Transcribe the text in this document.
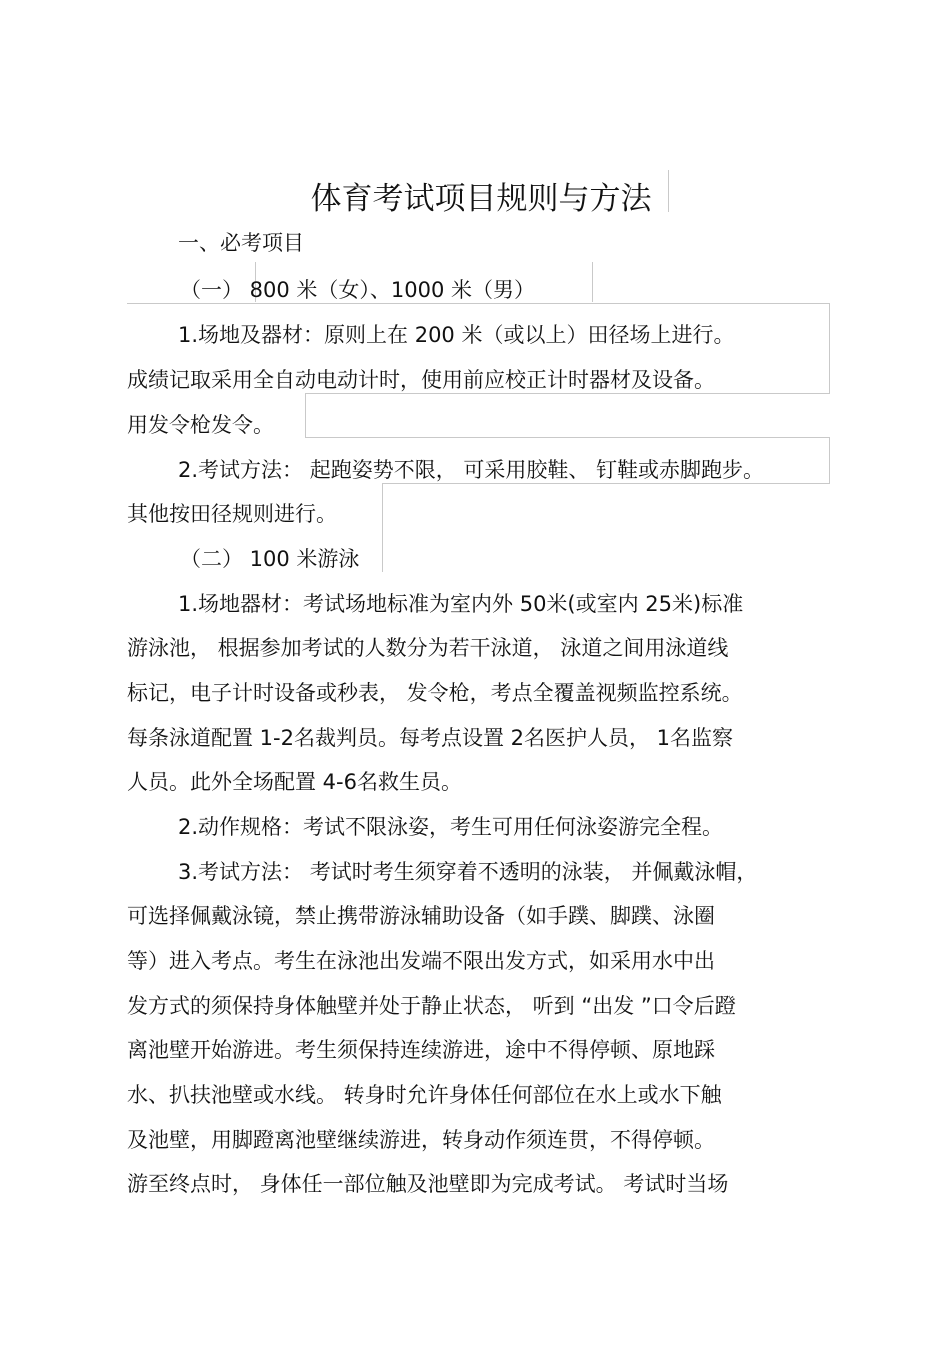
体育考试项目规则与方法
一、必考项目
（一） 800 米（女）、1000 米（男）
1.场地及器材：原则上在 200 米（或以上）田径场上进行。
成绩记取采用全自动电动计时，使用前应校正计时器材及设备。
用发令枪发令。
2.考试方法： 起跑姿势不限， 可采用胶鞋、 钉鞋或赤脚跑步。
其他按田径规则进行。
（二） 100 米游泳
1.场地器材：考试场地标准为室内外 50米(或室内 25米)标准
游泳池， 根据参加考试的人数分为若干泳道， 泳道之间用泳道线
标记，电子计时设备或秒表， 发令枪，考点全覆盖视频监控系统。
每条泳道配置 1-2名裁判员。每考点设置 2名医护人员， 1名监察
人员。此外全场配置 4-6名救生员。
2.动作规格：考试不限泳姿，考生可用任何泳姿游完全程。
3.考试方法： 考试时考生须穿着不透明的泳装， 并佩戴泳帽，
可选择佩戴泳镜，禁止携带游泳辅助设备（如手蹼、脚蹼、泳圈
等）进入考点。考生在泳池出发端不限出发方式，如采用水中出
发方式的须保持身体触壁并处于静止状态， 听到 “出发 ”口令后蹬
离池壁开始游进。考生须保持连续游进，途中不得停顿、原地踩
水、扒扶池壁或水线。 转身时允许身体任何部位在水上或水下触
及池壁，用脚蹬离池壁继续游进，转身动作须连贯，不得停顿。
游至终点时， 身体任一部位触及池壁即为完成考试。 考试时当场
